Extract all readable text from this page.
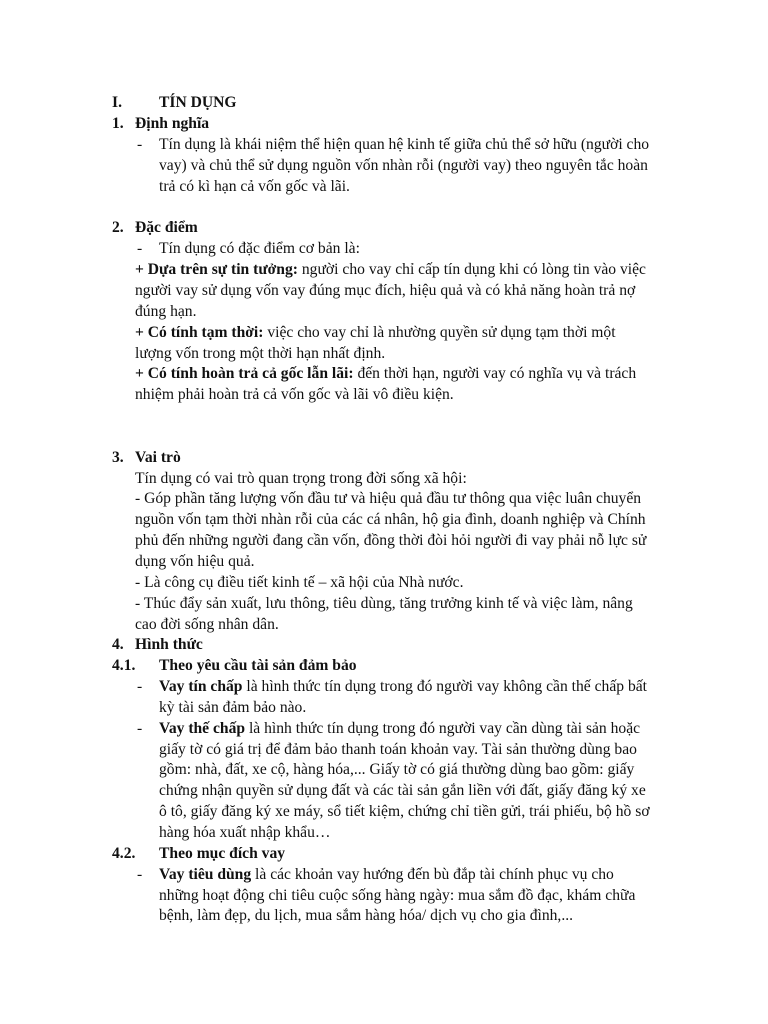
I. TÍN DỤNG
1. Định nghĩa
- Tín dụng là khái niệm thể hiện quan hệ kinh tế giữa chủ thể sở hữu (người cho
vay) và chủ thể sử dụng nguồn vốn nhàn rỗi (người vay) theo nguyên tắc hoàn
trả có kì hạn cả vốn gốc và lãi.
2. Đặc điểm
- Tín dụng có đặc điểm cơ bản là:
+ Dựa trên sự tin tưởng: người cho vay chỉ cấp tín dụng khi có lòng tin vào việc
người vay sử dụng vốn vay đúng mục đích, hiệu quả và có khả năng hoàn trả nợ
đúng hạn.
+ Có tính tạm thời: việc cho vay chỉ là nhường quyền sử dụng tạm thời một
lượng vốn trong một thời hạn nhất định.
+ Có tính hoàn trả cả gốc lẫn lãi: đến thời hạn, người vay có nghĩa vụ và trách
nhiệm phải hoàn trả cả vốn gốc và lãi vô điều kiện.
3. Vai trò
Tín dụng có vai trò quan trọng trong đời sống xã hội:
- Góp phần tăng lượng vốn đầu tư và hiệu quả đầu tư thông qua việc luân chuyển
nguồn vốn tạm thời nhàn rỗi của các cá nhân, hộ gia đình, doanh nghiệp và Chính
phủ đến những người đang cần vốn, đồng thời đòi hỏi người đi vay phải nỗ lực sử
dụng vốn hiệu quả.
- Là công cụ điều tiết kinh tế – xã hội của Nhà nước.
- Thúc đẩy sản xuất, lưu thông, tiêu dùng, tăng trưởng kinh tế và việc làm, nâng
cao đời sống nhân dân.
4. Hình thức
4.1. Theo yêu cầu tài sản đảm bảo
- Vay tín chấp là hình thức tín dụng trong đó người vay không cần thế chấp bất
kỳ tài sản đảm bảo nào.
- Vay thế chấp là hình thức tín dụng trong đó người vay cần dùng tài sản hoặc
giấy tờ có giá trị để đảm bảo thanh toán khoản vay. Tài sản thường dùng bao
gồm: nhà, đất, xe cộ, hàng hóa,... Giấy tờ có giá thường dùng bao gồm: giấy
chứng nhận quyền sử dụng đất và các tài sản gắn liền với đất, giấy đăng ký xe
ô tô, giấy đăng ký xe máy, sổ tiết kiệm, chứng chỉ tiền gửi, trái phiếu, bộ hồ sơ
hàng hóa xuất nhập khẩu…
4.2. Theo mục đích vay
- Vay tiêu dùng là các khoản vay hướng đến bù đắp tài chính phục vụ cho
những hoạt động chi tiêu cuộc sống hàng ngày: mua sắm đồ đạc, khám chữa
bệnh, làm đẹp, du lịch, mua sắm hàng hóa/ dịch vụ cho gia đình,...
